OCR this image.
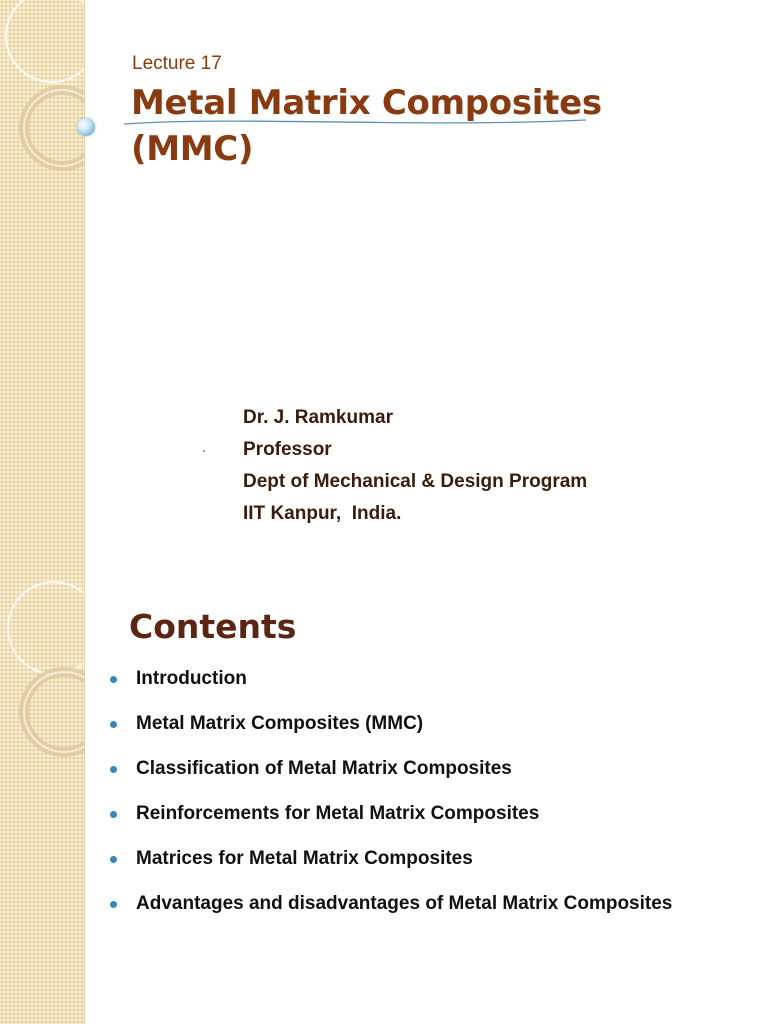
Lecture 17
Metal Matrix Composites
(MMC)
Dr. J. Ramkumar
Professor
Dept of Mechanical & Design Program
IIT Kanpur,  India.
Contents
Introduction
Metal Matrix Composites (MMC)
Classification of Metal Matrix Composites
Reinforcements for Metal Matrix Composites
Matrices for Metal Matrix Composites
Advantages and disadvantages of Metal Matrix Composites
